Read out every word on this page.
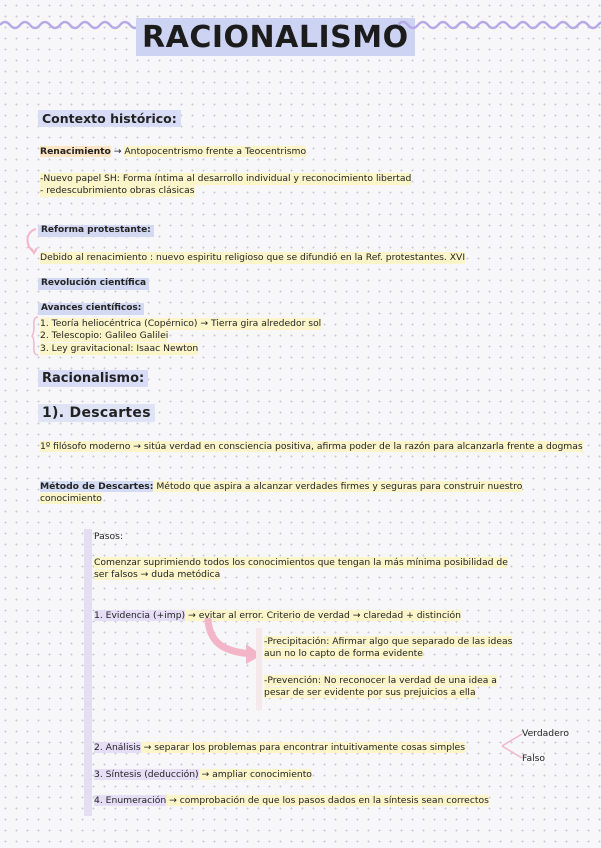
RACIONALISMO
Contexto histórico:
Renacimiento → Antopocentrismo frente a Teocentrismo
-Nuevo papel SH: Forma íntima al desarrollo individual y reconocimiento libertad
- redescubrimiento obras clásicas
Reforma protestante:
Debido al renacimiento : nuevo espiritu religioso que se difundió en la Ref. protestantes. XVI
Revolución científica
Avances científicos:
1. Teoría heliocéntrica (Copérnico) → Tierra gira alrededor sol
2. Telescopio: Galileo Galilei
3. Ley gravitacional: Isaac Newton
Racionalismo:
1). Descartes
1º filósofo moderno → sitúa verdad en consciencia positiva, afirma poder de la razón para alcanzarla frente a dogmas
Método de Descartes: Método que aspira a alcanzar verdades firmes y seguras para construir nuestro conocimiento
Pasos:
Comenzar suprimiendo todos los conocimientos que tengan la más mínima posibilidad de ser falsos → duda metódica
1. Evidencia (+imp) → evitar al error. Criterio de verdad → claredad + distinción
-Precipitación: Afirmar algo que separado de las ideas aun no lo capto de forma evidente
-Prevención: No reconocer la verdad de una idea a pesar de ser evidente por sus prejuicios a ella
2. Análisis → separar los problemas para encontrar intuitivamente cosas simples
Verdadero
Falso
3. Síntesis (deducción) → ampliar conocimiento
4. Enumeración → comprobación de que los pasos dados en la síntesis sean correctos
